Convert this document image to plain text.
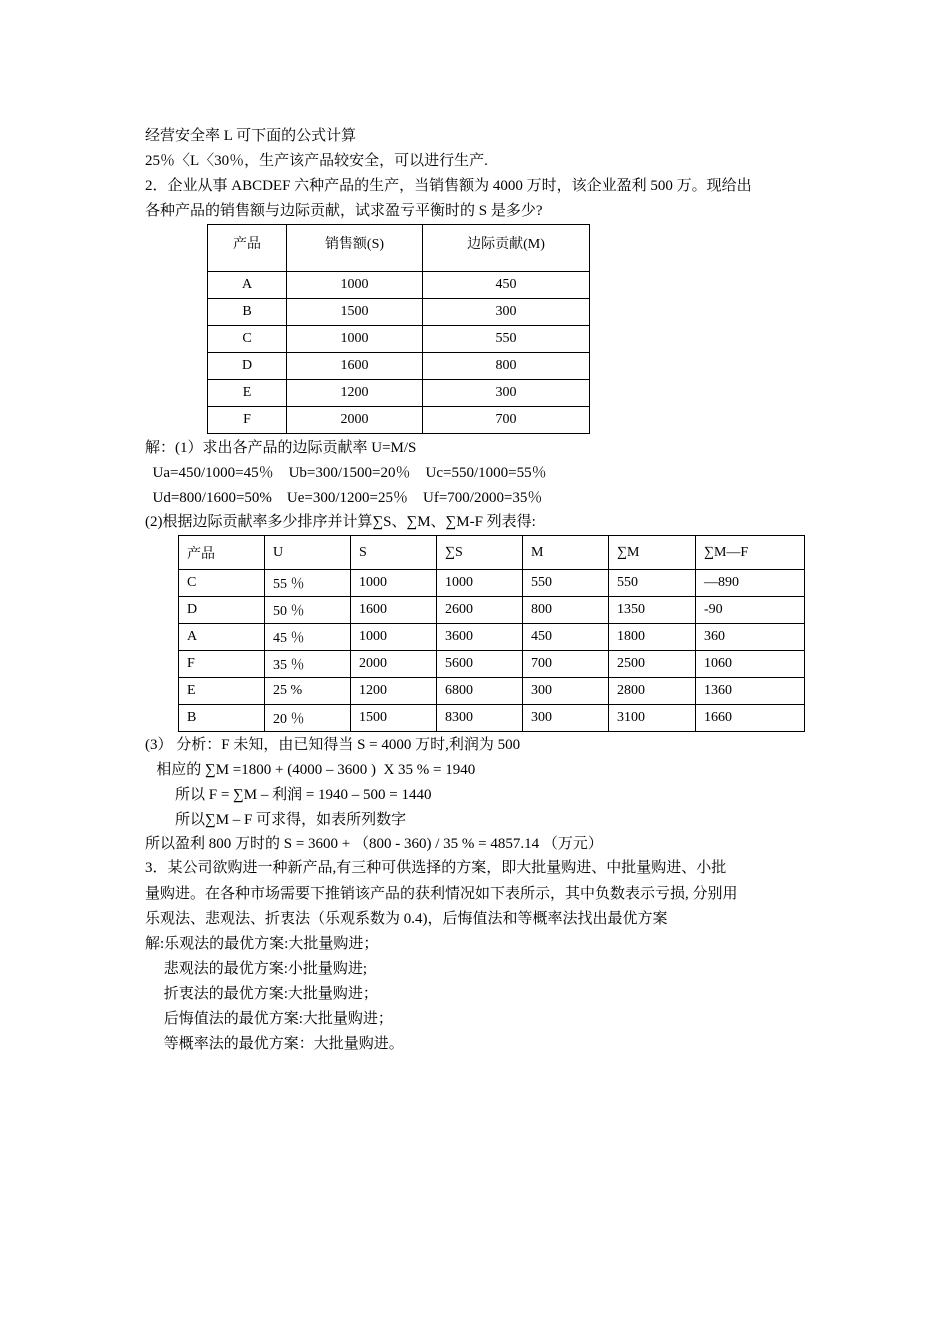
经营安全率 L 可下面的公式计算
25％〈L〈30％，生产该产品较安全，可以进行生产.
2．企业从事 ABCDEF 六种产品的生产，当销售额为 4000 万时，该企业盈利 500 万。现给出
各种产品的销售额与边际贡献，试求盈亏平衡时的 S 是多少?
产品	销售额(S)	边际贡献(M)
A	1000	450
B	1500	300
C	1000	550
D	1600	800
E	1200	300
F	2000	700
解：(1）求出各产品的边际贡献率 U=M/S
Ua=450/1000=45％    Ub=300/1500=20％    Uc=550/1000=55％
Ud=800/1600=50%    Ue=300/1200=25％    Uf=700/2000=35％
(2)根据边际贡献率多少排序并计算∑S、∑M、∑M-F 列表得:
产品	U	S	∑S	M	∑M	∑M—F
C	55 ％	1000	1000	550	550	—890
D	50 ％	1600	2600	800	1350	-90
A	45 ％	1000	3600	450	1800	360
F	35 ％	2000	5600	700	2500	1060
E	25 %	1200	6800	300	2800	1360
B	20 ％	1500	8300	300	3100	1660
(3） 分析：F 未知，由已知得当 S = 4000 万时,利润为 500
相应的 ∑M =1800 + (4000 – 3600 )  X 35 % = 1940
所以 F = ∑M – 利润 = 1940 – 500 = 1440
所以∑M – F 可求得，如表所列数字
所以盈利 800 万时的 S = 3600 + （800 - 360) / 35 % = 4857.14 （万元）
3．某公司欲购进一种新产品,有三种可供选择的方案，即大批量购进、中批量购进、小批
量购进。在各种市场需要下推销该产品的获利情况如下表所示，其中负数表示亏损, 分别用
乐观法、悲观法、折衷法（乐观系数为 0.4)，后悔值法和等概率法找出最优方案
解:乐观法的最优方案:大批量购进；
悲观法的最优方案:小批量购进;
折衷法的最优方案:大批量购进；
后悔值法的最优方案:大批量购进；
等概率法的最优方案：大批量购进。
